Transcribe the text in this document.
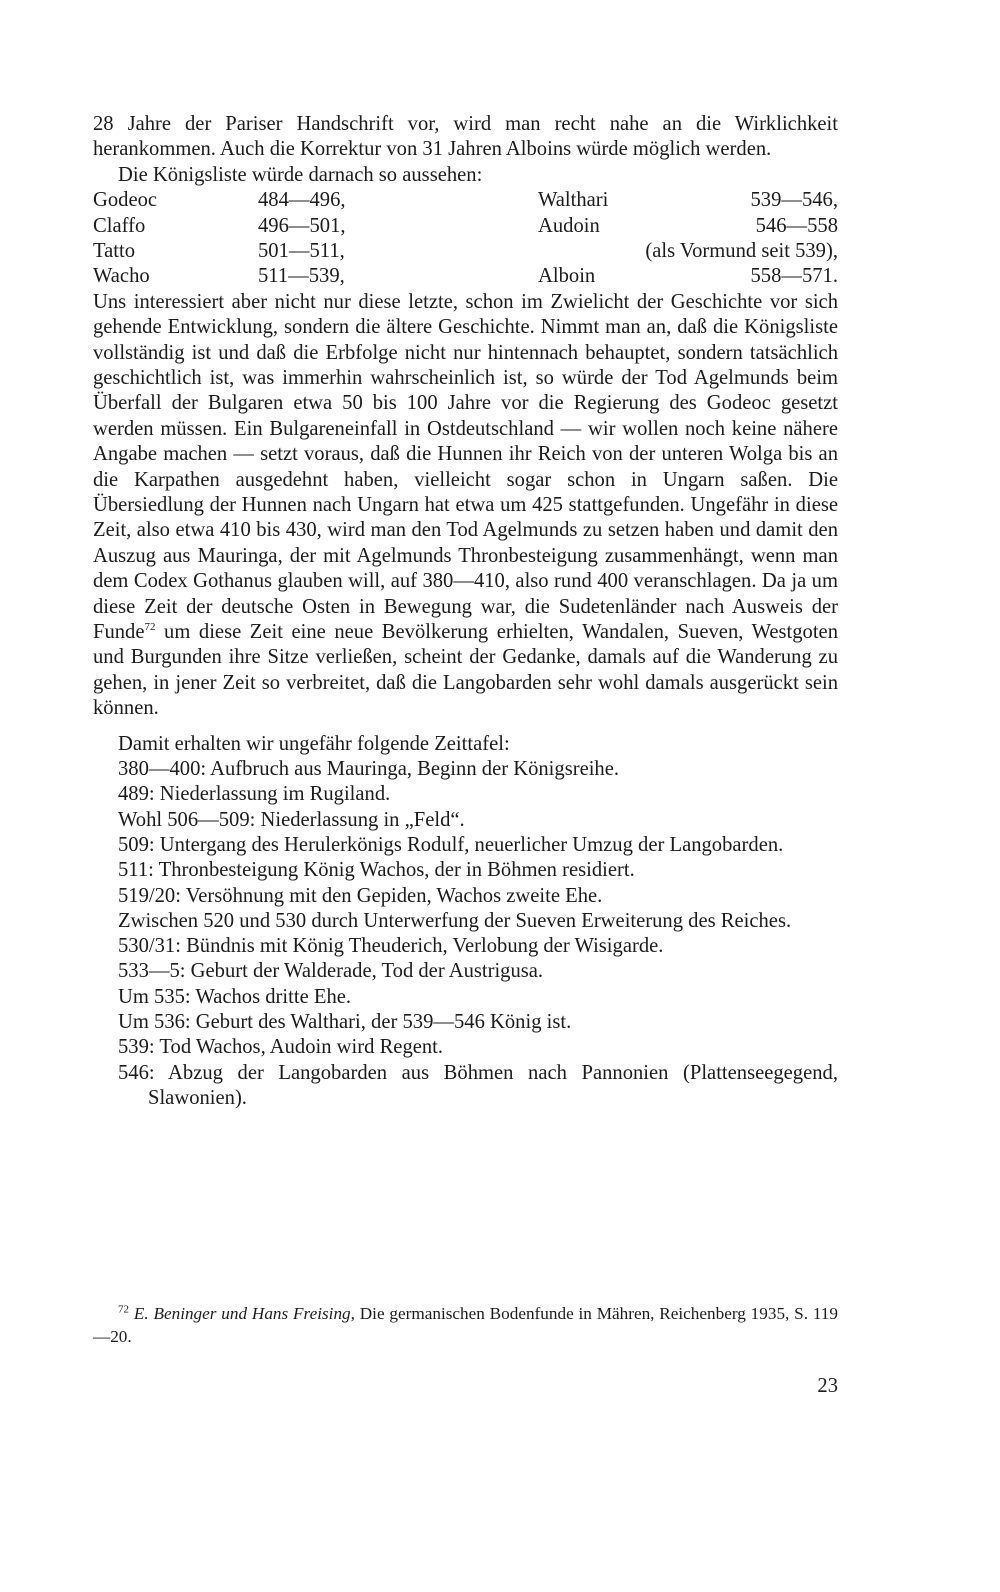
28 Jahre der Pariser Handschrift vor, wird man recht nahe an die Wirklichkeit herankommen. Auch die Korrektur von 31 Jahren Alboins würde möglich werden.

Die Königsliste würde darnach so aussehen:

Godeoc	484—496,	Walthari	539—546,
Claffo	496—501,	Audoin	546—558
Tatto	501—511,	(als Vormund seit 539),
Wacho	511—539,	Alboin	558—571.

Uns interessiert aber nicht nur diese letzte, schon im Zwielicht der Geschichte vor sich gehende Entwicklung, sondern die ältere Geschichte. Nimmt man an, daß die Königsliste vollständig ist und daß die Erbfolge nicht nur hintennach behauptet, sondern tatsächlich geschichtlich ist, was immerhin wahrscheinlich ist, so würde der Tod Agelmunds beim Überfall der Bulgaren etwa 50 bis 100 Jahre vor die Regierung des Godeoc gesetzt werden müssen. Ein Bulgareneinfall in Ostdeutschland — wir wollen noch keine nähere Angabe machen — setzt voraus, daß die Hunnen ihr Reich von der unteren Wolga bis an die Karpathen ausgedehnt haben, vielleicht sogar schon in Ungarn saßen. Die Übersiedlung der Hunnen nach Ungarn hat etwa um 425 stattgefunden. Ungefähr in diese Zeit, also etwa 410 bis 430, wird man den Tod Agelmunds zu setzen haben und damit den Auszug aus Mauringa, der mit Agelmunds Thronbesteigung zusammenhängt, wenn man dem Codex Gothanus glauben will, auf 380—410, also rund 400 veranschlagen. Da ja um diese Zeit der deutsche Osten in Bewegung war, die Sudetenländer nach Ausweis der Funde$^{72}$ um diese Zeit eine neue Bevölkerung erhielten, Wandalen, Sueven, Westgoten und Burgunden ihre Sitze verließen, scheint der Gedanke, damals auf die Wanderung zu gehen, in jener Zeit so verbreitet, daß die Langobarden sehr wohl damals ausgerückt sein können.

Damit erhalten wir ungefähr folgende Zeittafel:

380—400: Aufbruch aus Mauringa, Beginn der Königsreihe.
489: Niederlassung im Rugiland.
Wohl 506—509: Niederlassung in „Feld“.
509: Untergang des Herulerkönigs Rodulf, neuerlicher Umzug der Langobarden.
511: Thronbesteigung König Wachos, der in Böhmen residiert.
519/20: Versöhnung mit den Gepiden, Wachos zweite Ehe.
Zwischen 520 und 530 durch Unterwerfung der Sueven Erweiterung des Reiches.
530/31: Bündnis mit König Theuderich, Verlobung der Wisigarde.
533—5: Geburt der Walderade, Tod der Austrigusa.
Um 535: Wachos dritte Ehe.
Um 536: Geburt des Walthari, der 539—546 König ist.
539: Tod Wachos, Audoin wird Regent.
546: Abzug der Langobarden aus Böhmen nach Pannonien (Plattenseegegend, Slawonien).

$^{72}$ E. Beninger und Hans Freising, Die germanischen Bodenfunde in Mähren, Reichenberg 1935, S. 119—20.

23
